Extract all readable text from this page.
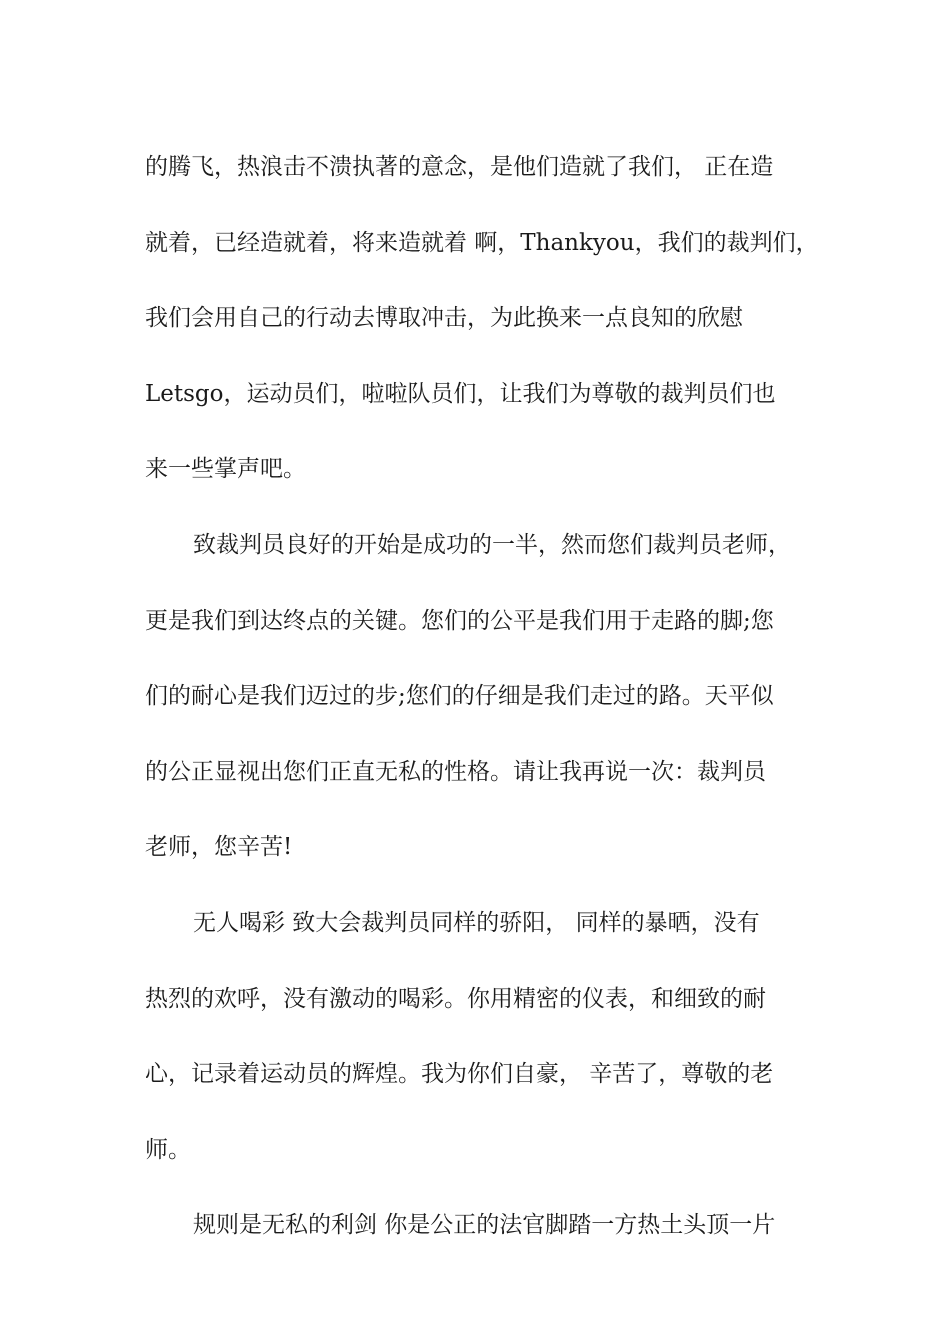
的腾飞，热浪击不溃执著的意念，是他们造就了我们， 正在造
就着，已经造就着，将来造就着 啊，Thankyou，我们的裁判们，
我们会用自己的行动去博取冲击，为此换来一点良知的欣慰
Letsgo，运动员们，啦啦队员们，让我们为尊敬的裁判员们也
来一些掌声吧。
致裁判员良好的开始是成功的一半，然而您们裁判员老师，
更是我们到达终点的关键。您们的公平是我们用于走路的脚;您
们的耐心是我们迈过的步;您们的仔细是我们走过的路。天平似
的公正显视出您们正直无私的性格。请让我再说一次：裁判员
老师，您辛苦!
无人喝彩 致大会裁判员同样的骄阳， 同样的暴晒，没有
热烈的欢呼，没有激动的喝彩。你用精密的仪表，和细致的耐
心，记录着运动员的辉煌。我为你们自豪， 辛苦了，尊敬的老
师。
规则是无私的利剑 你是公正的法官脚踏一方热土头顶一片
